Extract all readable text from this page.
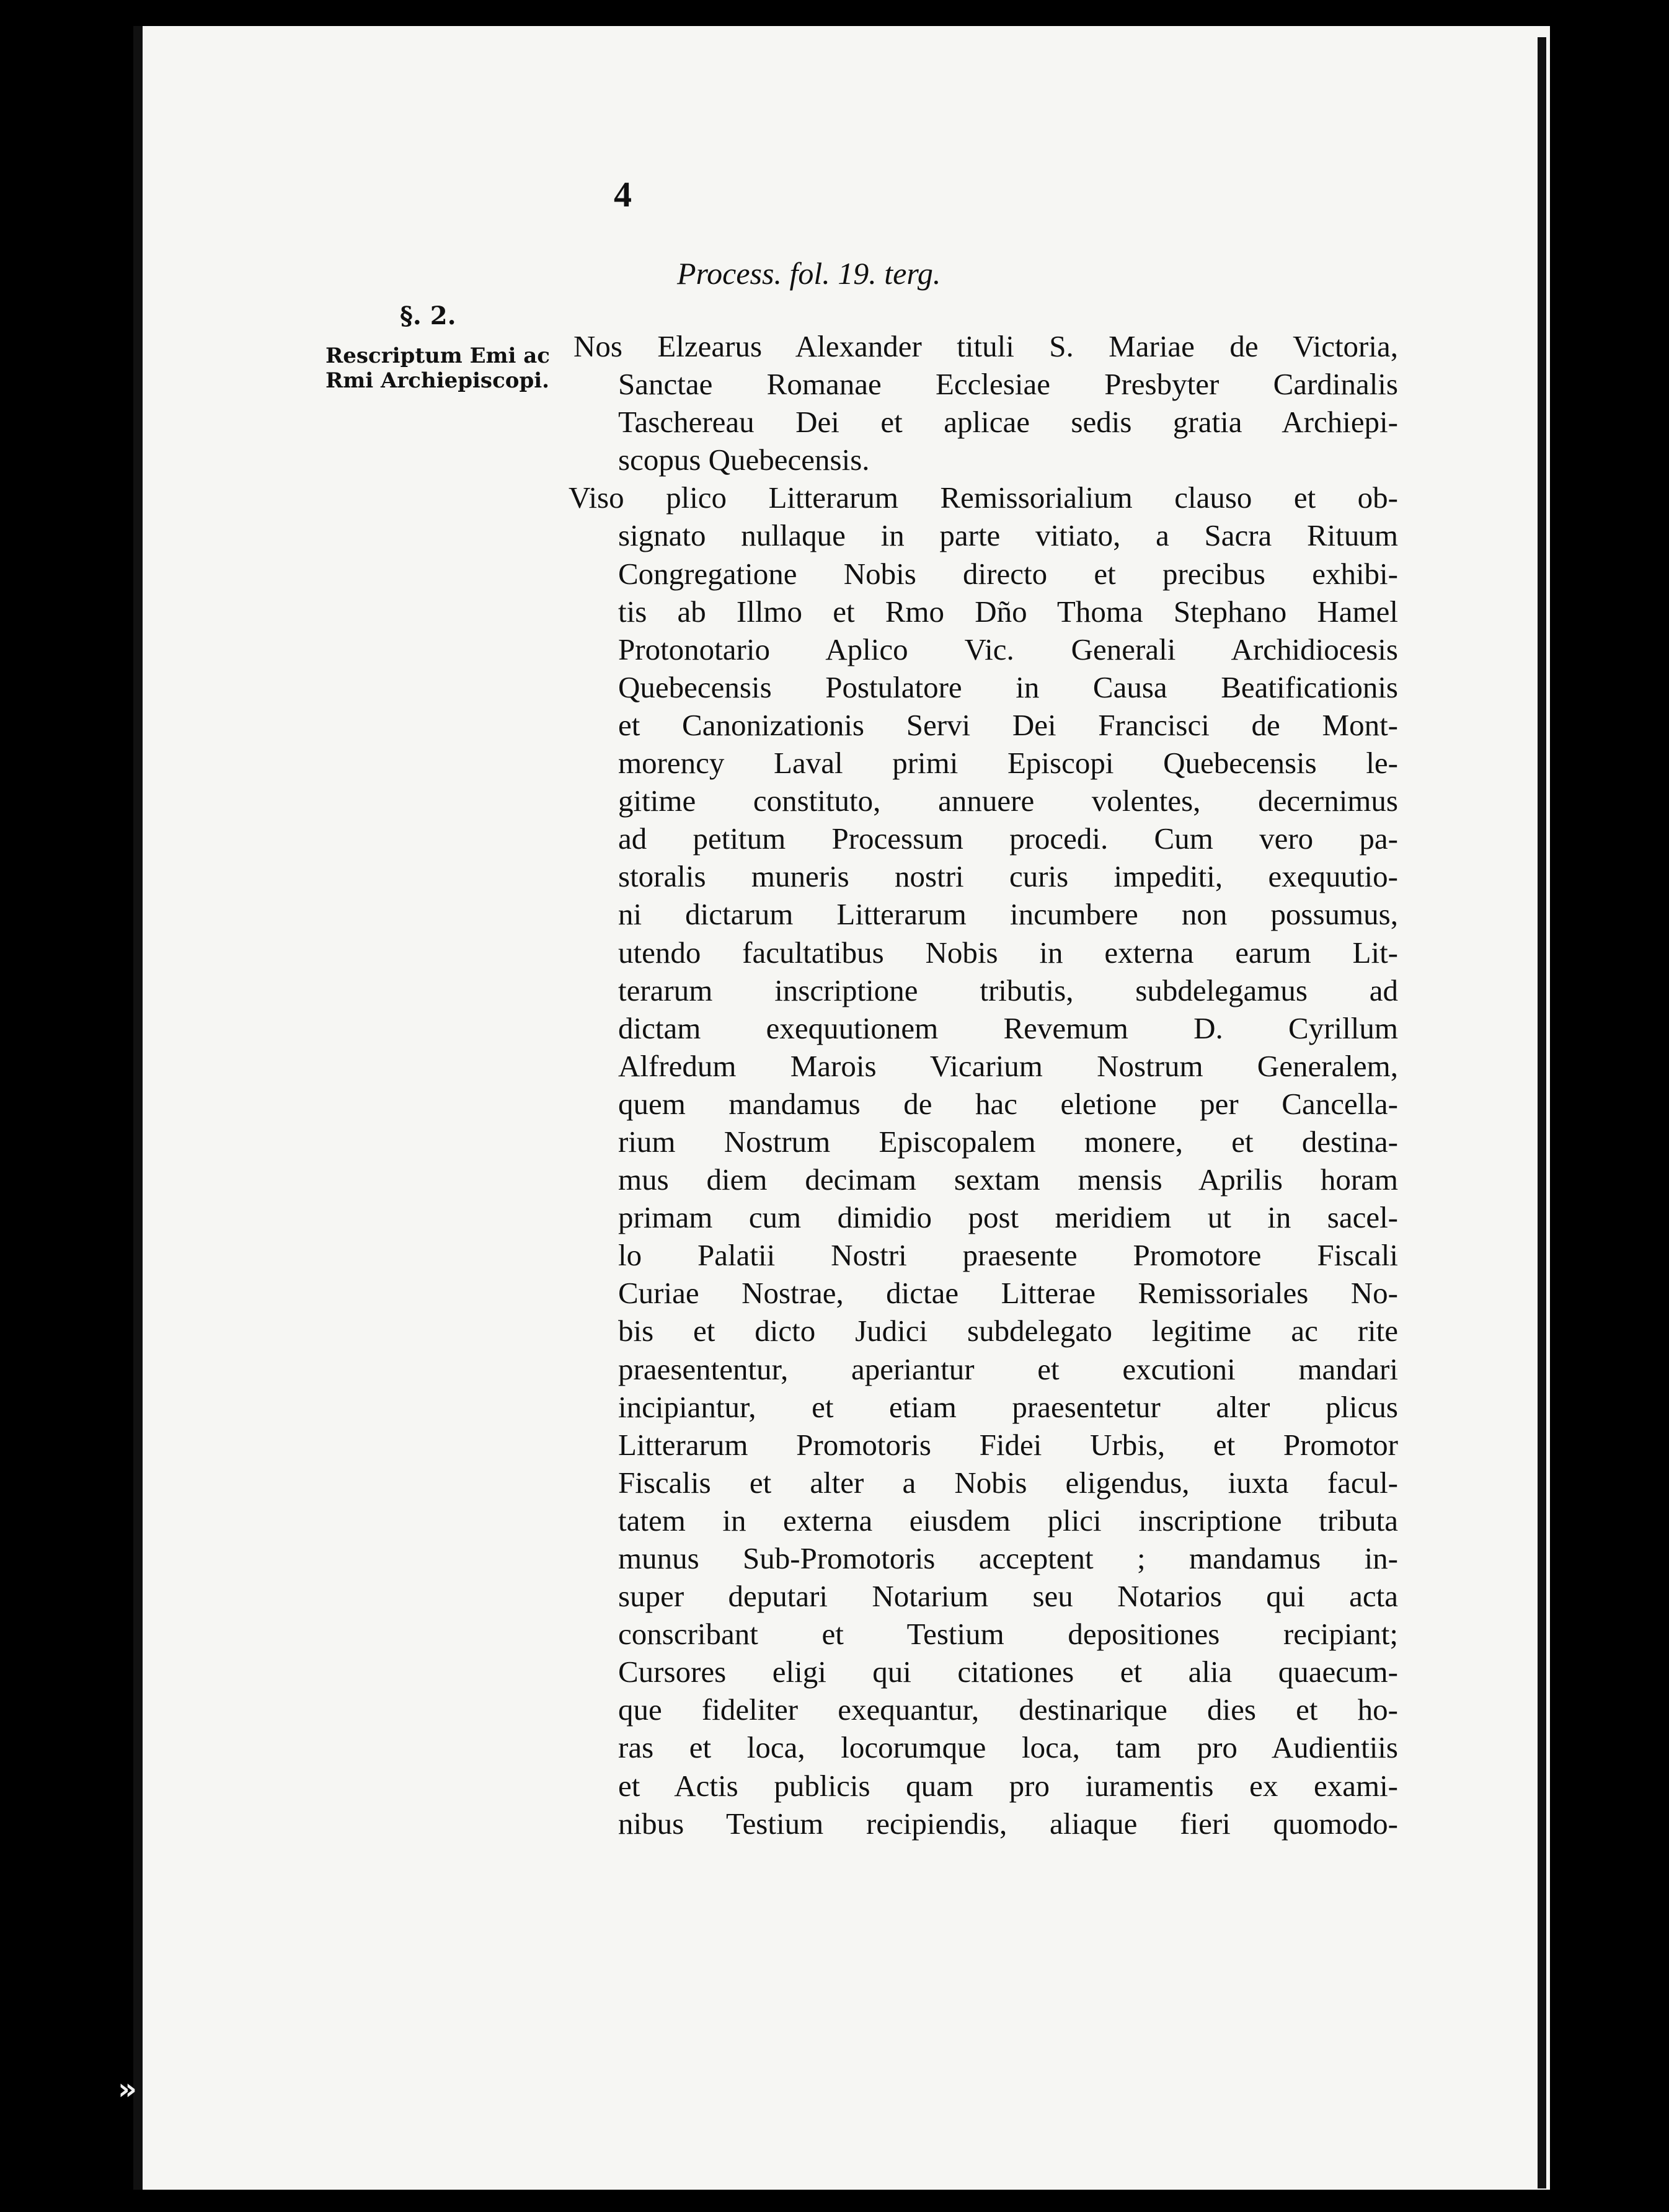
4
Process. fol. 19. terg.
§. 2.
Rescriptum Emi ac
Rmi Archiepiscopi.
Nos Elzearus Alexander tituli S. Mariae de Victoria,
Sanctae Romanae Ecclesiae Presbyter Cardinalis
Taschereau Dei et aplicae sedis gratia Archiepi-
scopus Quebecensis.
Viso plico Litterarum Remissorialium clauso et ob-
signato nullaque in parte vitiato, a Sacra Rituum
Congregatione Nobis directo et precibus exhibi-
tis ab Illmo et Rmo Dño Thoma Stephano Hamel
Protonotario Aplico Vic. Generali Archidiocesis
Quebecensis Postulatore in Causa Beatificationis
et Canonizationis Servi Dei Francisci de Mont-
morency Laval primi Episcopi Quebecensis le-
gitime constituto, annuere volentes, decernimus
ad petitum Processum procedi. Cum vero pa-
storalis muneris nostri curis impediti, exequutio-
ni dictarum Litterarum incumbere non possumus,
utendo facultatibus Nobis in externa earum Lit-
terarum inscriptione tributis, subdelegamus ad
dictam exequutionem Revemum D. Cyrillum
Alfredum Marois Vicarium Nostrum Generalem,
quem mandamus de hac eletione per Cancella-
rium Nostrum Episcopalem monere, et destina-
mus diem decimam sextam mensis Aprilis horam
primam cum dimidio post meridiem ut in sacel-
lo Palatii Nostri praesente Promotore Fiscali
Curiae Nostrae, dictae Litterae Remissoriales No-
bis et dicto Judici subdelegato legitime ac rite
praesententur, aperiantur et excutioni mandari
incipiantur, et etiam praesentetur alter plicus
Litterarum Promotoris Fidei Urbis, et Promotor
Fiscalis et alter a Nobis eligendus, iuxta facul-
tatem in externa eiusdem plici inscriptione tributa
munus Sub-Promotoris acceptent ; mandamus in-
super deputari Notarium seu Notarios qui acta
conscribant et Testium depositiones recipiant;
Cursores eligi qui citationes et alia quaecum-
que fideliter exequantur, destinarique dies et ho-
ras et loca, locorumque loca, tam pro Audientiis
et Actis publicis quam pro iuramentis ex exami-
nibus Testium recipiendis, aliaque fieri quomodo-
»
